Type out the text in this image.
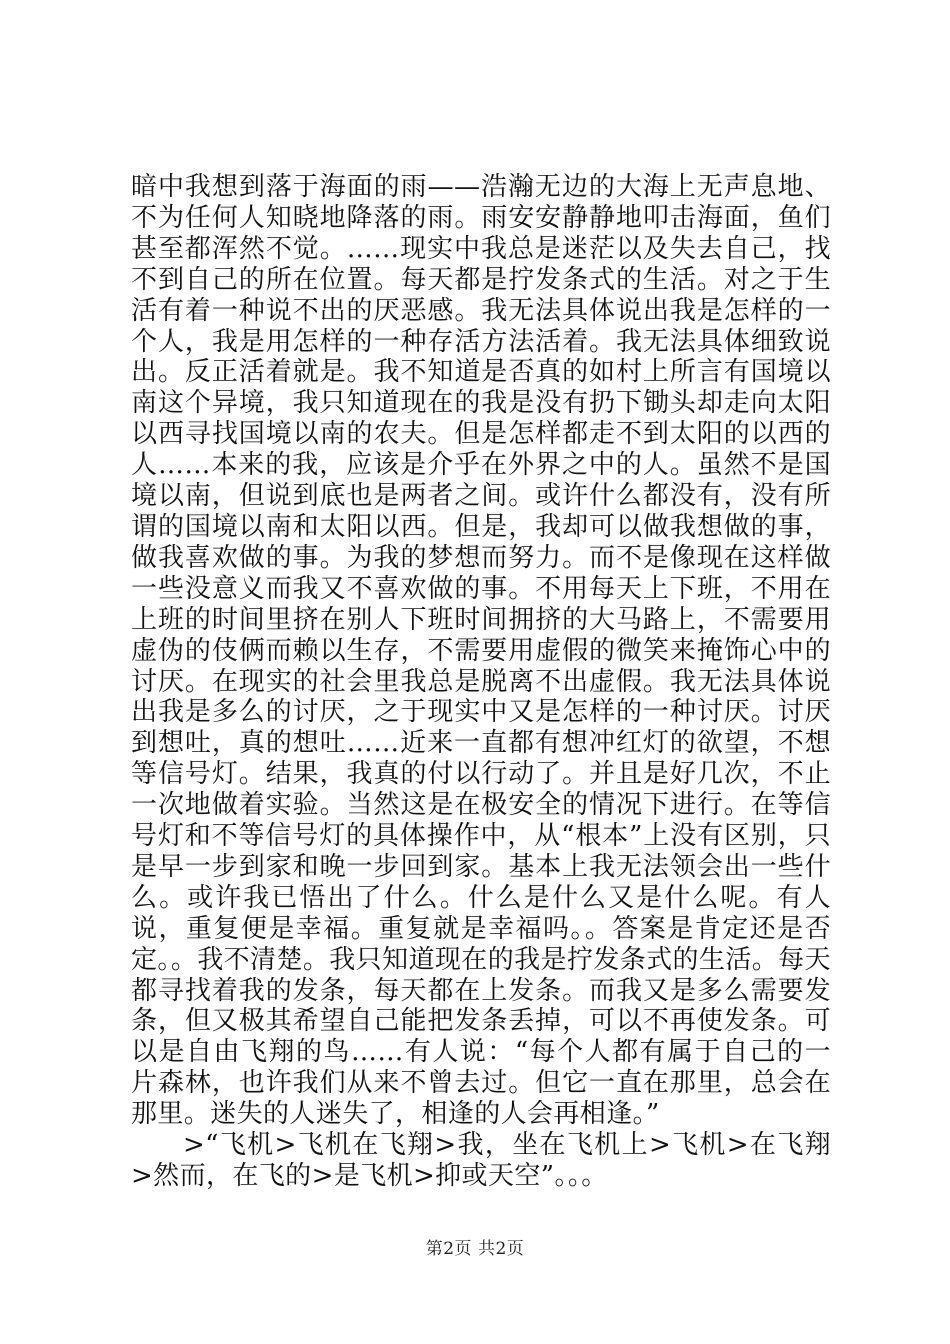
暗中我想到落于海面的雨——浩瀚无边的大海上无声息地、不为任何人知晓地降落的雨。雨安安静静地叩击海面，鱼们甚至都浑然不觉。……现实中我总是迷茫以及失去自己，找不到自己的所在位置。每天都是拧发条式的生活。对之于生活有着一种说不出的厌恶感。我无法具体说出我是怎样的一个人，我是用怎样的一种存活方法活着。我无法具体细致说出。反正活着就是。我不知道是否真的如村上所言有国境以南这个异境，我只知道现在的我是没有扔下锄头却走向太阳以西寻找国境以南的农夫。但是怎样都走不到太阳的以西的人……本来的我，应该是介乎在外界之中的人。虽然不是国境以南，但说到底也是两者之间。或许什么都没有，没有所谓的国境以南和太阳以西。但是，我却可以做我想做的事，做我喜欢做的事。为我的梦想而努力。而不是像现在这样做一些没意义而我又不喜欢做的事。不用每天上下班，不用在上班的时间里挤在别人下班时间拥挤的大马路上，不需要用虚伪的伎俩而赖以生存，不需要用虚假的微笑来掩饰心中的讨厌。在现实的社会里我总是脱离不出虚假。我无法具体说出我是多么的讨厌，之于现实中又是怎样的一种讨厌。讨厌到想吐，真的想吐……近来一直都有想冲红灯的欲望，不想等信号灯。结果，我真的付以行动了。并且是好几次，不止一次地做着实验。当然这是在极安全的情况下进行。在等信号灯和不等信号灯的具体操作中，从“根本”上没有区别，只是早一步到家和晚一步回到家。基本上我无法领会出一些什么。或许我已悟出了什么。什么是什么又是什么呢。有人说，重复便是幸福。重复就是幸福吗。。答案是肯定还是否定。。我不清楚。我只知道现在的我是拧发条式的生活。每天都寻找着我的发条，每天都在上发条。而我又是多么需要发条，但又极其希望自己能把发条丢掉，可以不再使发条。可以是自由飞翔的鸟……有人说：“每个人都有属于自己的一片森林，也许我们从来不曾去过。但它一直在那里，总会在那里。迷失的人迷失了，相逢的人会再相逢。”

>“飞机>飞机在飞翔>我，坐在飞机上>飞机>在飞翔>然而，在飞的>是飞机>抑或天空”。。。

第2页 共2页
